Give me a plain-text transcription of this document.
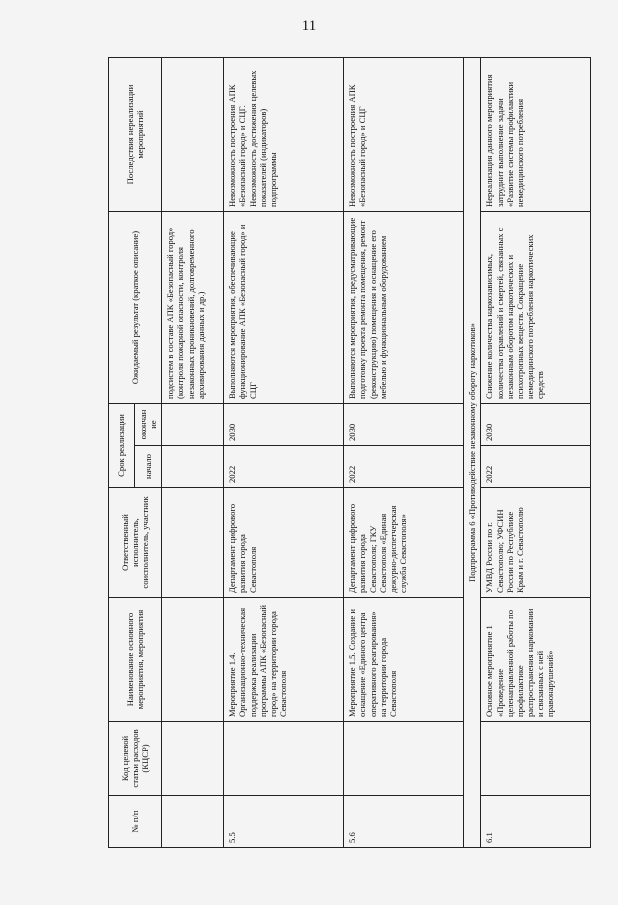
11
№ п/п	Код целевой статьи расходов (КЦСР)	Наименование основного мероприятия, мероприятия	Ответственный исполнитель, соисполнитель, участник	Срок реализации		Ожидаемый результат (краткое описание)	Последствия нереализации мероприятий
				начало	окончание		
						подсистем в составе АПК «Безопасный город» (контроля пожарной опасности, контроля незаконных проникновений, долговременного архивирования данных и др.)	
5.5		Мероприятие 1.4. Организационно-техническая поддержка реализации программы АПК «Безопасный город» на территории города Севастополя	Департамент цифрового развития города Севастополя	2022	2030	Выполняются мероприятия, обеспечивающие функционирование АПК «Безопасный город» и СЦГ	Невозможность построения АПК «Безопасный город» и СЦГ. Невозможность достижения целевых показателей (индикаторов) подпрограммы
5.6		Мероприятие 1.5. Создание и оснащение «Единого центра оперативного реагирования» на территории города Севастополя	Департамент цифрового развития города Севастополя; ГКУ Севастополя «Единая дежурно-диспетчерская служба Севастополя»	2022	2030	Выполняются мероприятия, предусматривающие подготовку проекта ремонта помещения, ремонт (реконструкцию) помещения и оснащение его мебелью и функциональным оборудованием	Невозможность построения АПК «Безопасный город» и СЦГ
Подпрограмма 6 «Противодействие незаконному обороту наркотиков»							
6.1		Основное мероприятие 1 «Проведение целенаправленной работы по профилактике распространения наркомании и связанных с ней правонарушений»	УМВД России по г. Севастополю; УФСИН России по Республике Крым и г. Севастополю	2022	2030	Снижение количества наркозависимых, количества отравлений и смертей, связанных с незаконным оборотом наркотических и психотропных веществ. Сокращение немедицинского потребления наркотических средств	Нереализация данного мероприятия затруднит выполнение задачи «Развитие системы профилактики немедицинского потребления
